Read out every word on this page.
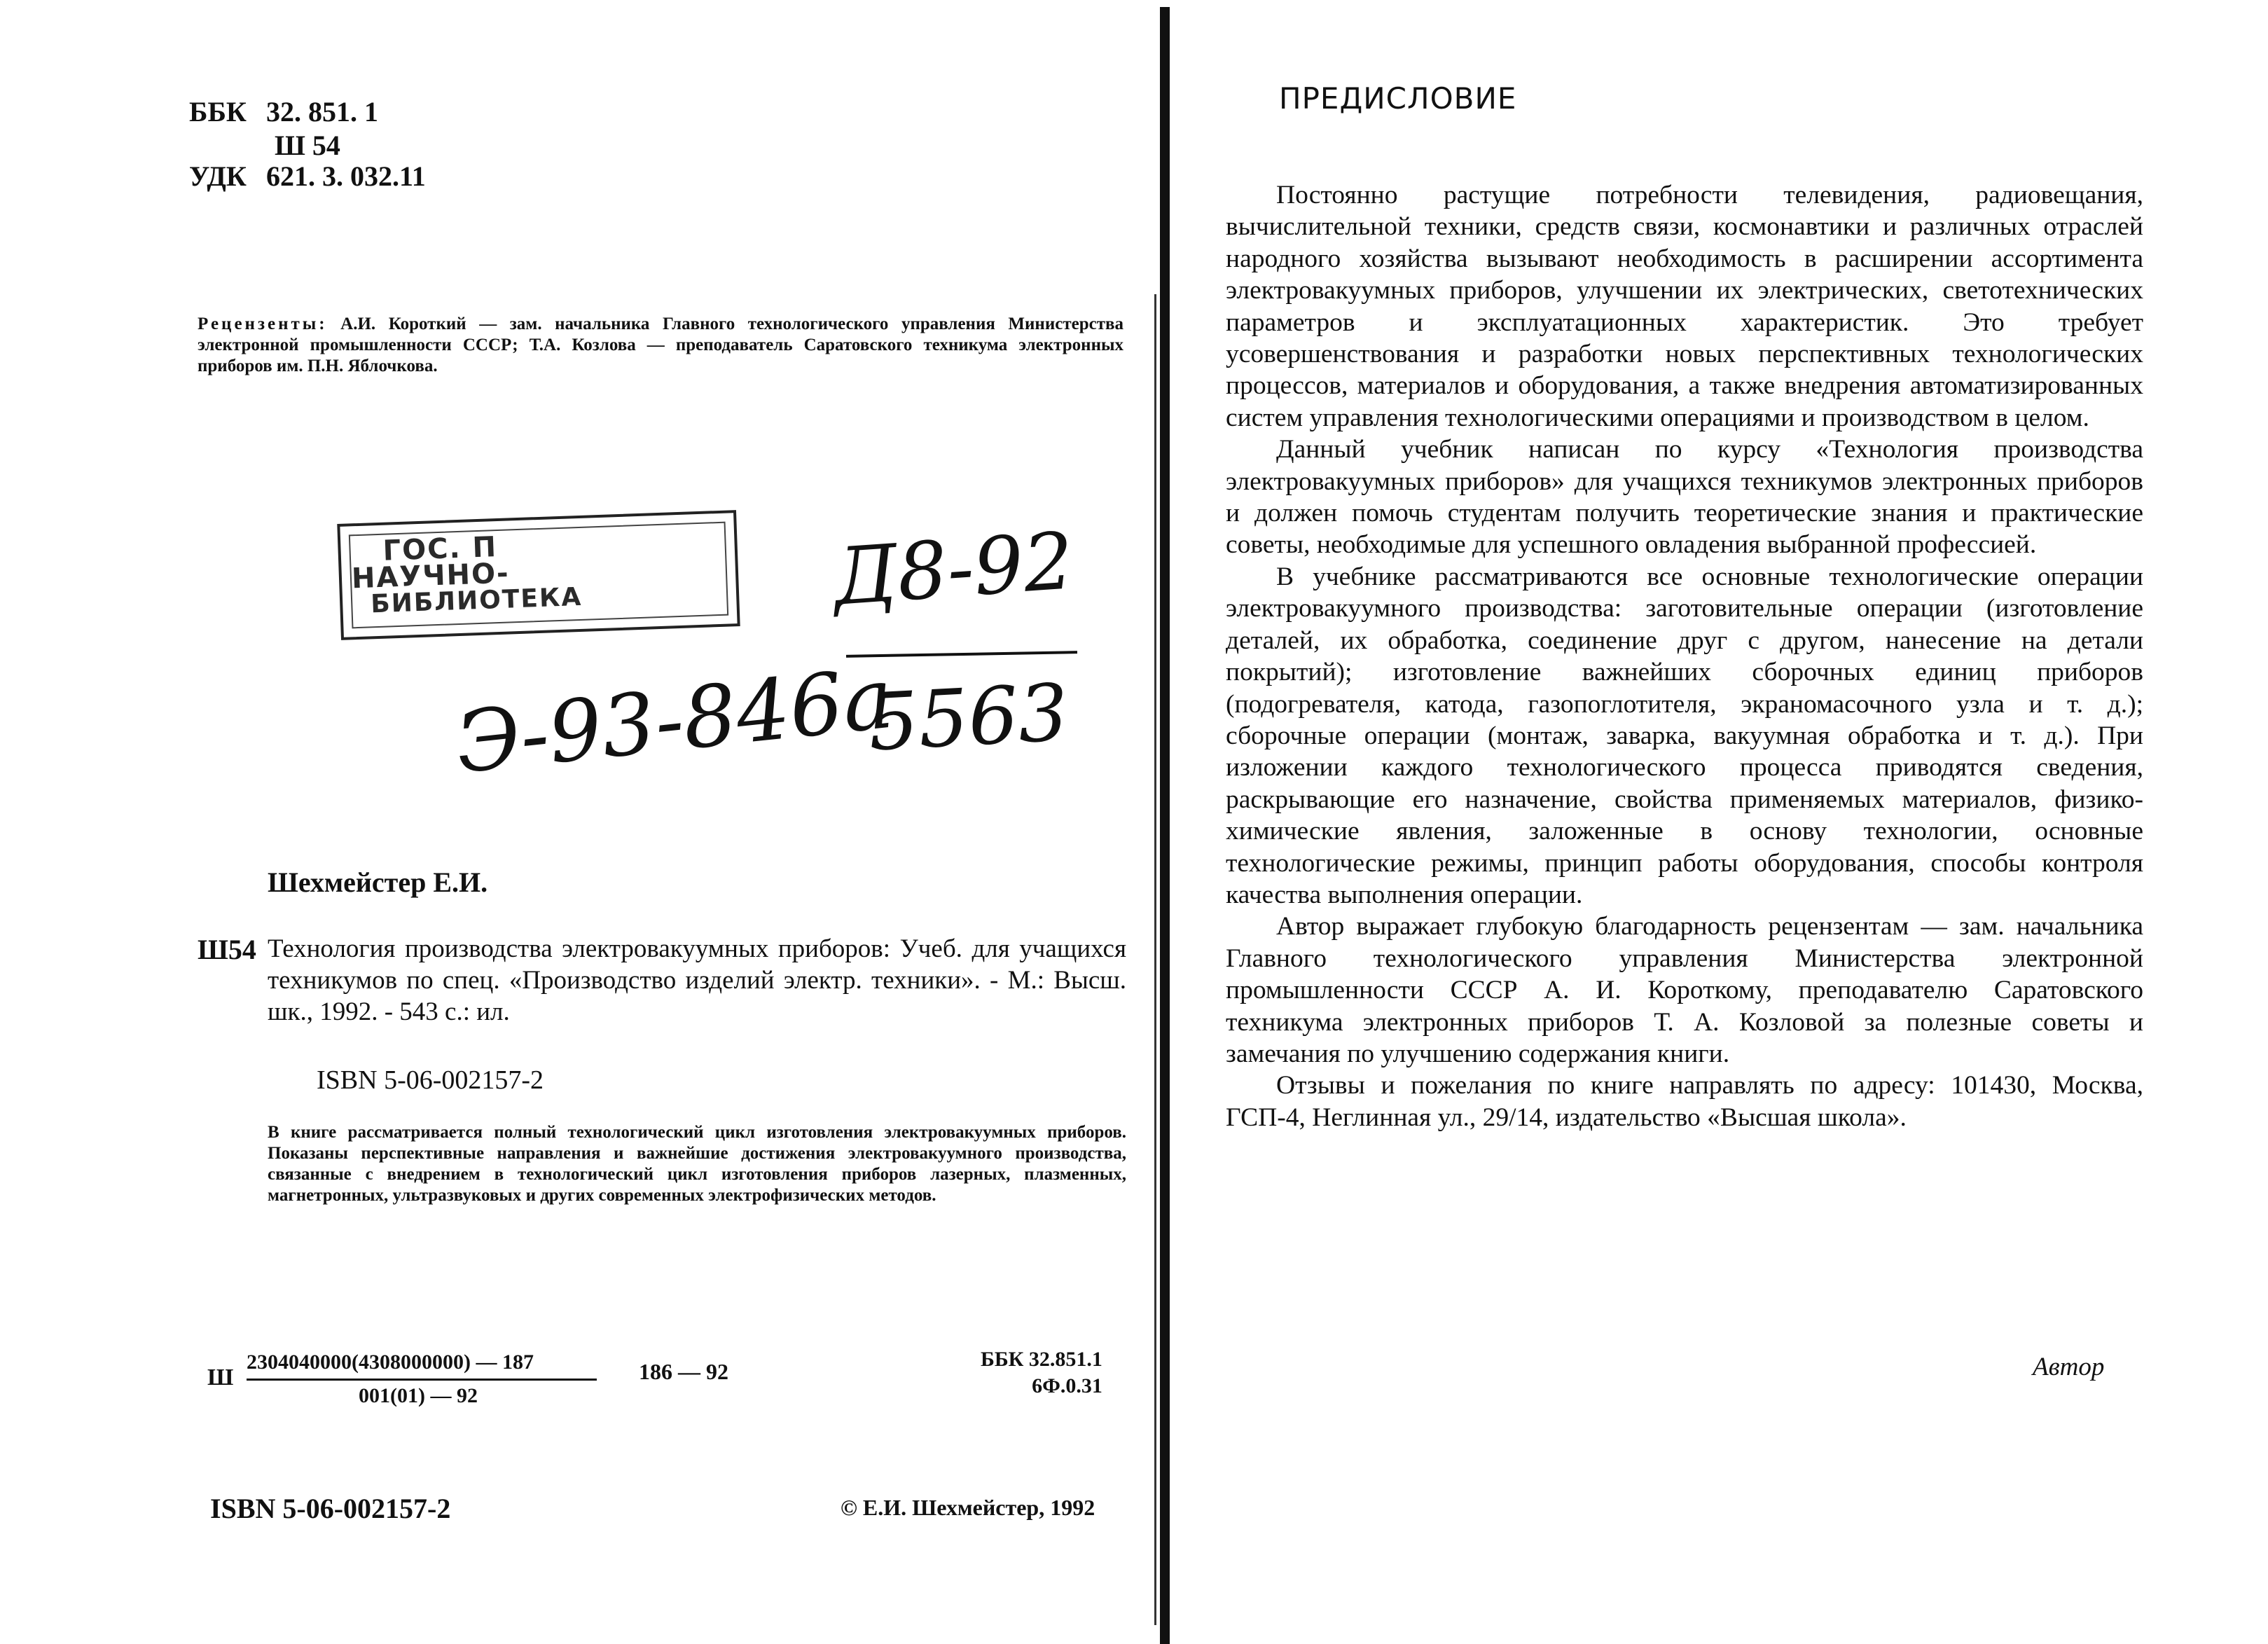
ББК 32. 851. 1
Ш 54
УДК 621. 3. 032.11
Рецензенты: А.И. Короткий — зам. начальника Главного технологического управления Министерства электронной промышленности СССР; Т.А. Козлова — преподаватель Саратовского техникума электронных приборов им. П.Н. Яблочкова.
ГОС. П
НАУЧНО-
БИБЛИОТЕКА	Д8-92
Э-93-846а
5563
Шехмейстер Е.И.
Ш54 Технология производства электровакуумных приборов: Учеб. для учащихся техникумов по спец. «Производство изделий электр. техники». - М.: Высш. шк., 1992. - 543 с.: ил.
ISBN 5-06-002157-2
В книге рассматривается полный технологический цикл изготовления электровакуумных приборов. Показаны перспективные направления и важнейшие достижения электровакуумного производства, связанные с внедрением в технологический цикл изготовления приборов лазерных, плазменных, магнетронных, ультразвуковых и других современных электрофизических методов.
Ш
2304040000(4308000000) — 187
001(01) — 92
186 — 92	ББК 32.851.1
6Ф.0.31
ISBN 5-06-002157-2	© Е.И. Шехмейстер, 1992
ПРЕДИСЛОВИЕ

Постоянно растущие потребности телевидения, радиовещания, вычислительной техники, средств связи, космонавтики и различных отраслей народного хозяйства вызывают необходимость в расширении ассортимента электровакуумных приборов, улучшении их электрических, светотехнических параметров и эксплуатационных характеристик. Это требует усовершенствования и разработки новых перспективных технологических процессов, материалов и оборудования, а также внедрения автоматизированных систем управления технологическими операциями и производством в целом.

Данный учебник написан по курсу «Технология производства электровакуумных приборов» для учащихся техникумов электронных приборов и должен помочь студентам получить теоретические знания и практические советы, необходимые для успешного овладения выбранной профессией.

В учебнике рассматриваются все основные технологические операции электровакуумного производства: заготовительные операции (изготовление деталей, их обработка, соединение друг с другом, нанесение на детали покрытий); изготовление важнейших сборочных единиц приборов (подогревателя, катода, газопоглотителя, экраномасочного узла и т. д.); сборочные операции (монтаж, заварка, вакуумная обработка и т. д.). При изложении каждого технологического процесса приводятся сведения, раскрывающие его назначение, свойства применяемых материалов, физико-химические явления, заложенные в основу технологии, основные технологические режимы, принцип работы оборудования, способы контроля качества выполнения операции.

Автор выражает глубокую благодарность рецензентам — зам. начальника Главного технологического управления Министерства электронной промышленности СССР А. И. Короткому, преподавателю Саратовского техникума электронных приборов Т. А. Козловой за полезные советы и замечания по улучшению содержания книги.

Отзывы и пожелания по книге направлять по адресу: 101430, Москва, ГСП-4, Неглинная ул., 29/14, издательство «Высшая школа».

Автор
